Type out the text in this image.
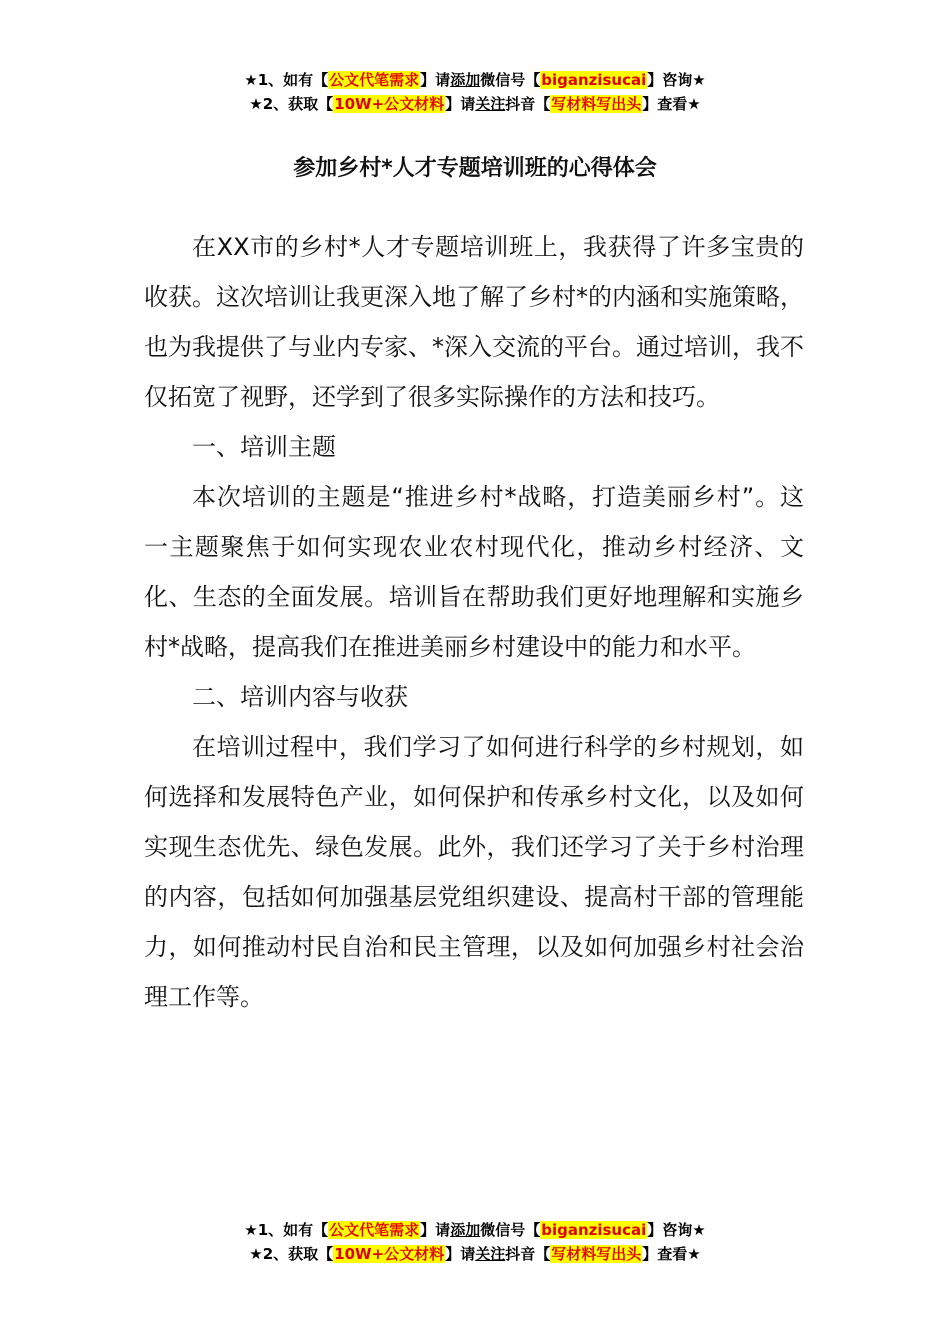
★1、如有【公文代笔需求】请添加微信号【biganzisucai】咨询★
★2、获取【10W+公文材料】请关注抖音【写材料写出头】查看★
参加乡村*人才专题培训班的心得体会

在XX市的乡村*人才专题培训班上，我获得了许多宝贵的收获。这次培训让我更深入地了解了乡村*的内涵和实施策略，也为我提供了与业内专家、*深入交流的平台。通过培训，我不仅拓宽了视野，还学到了很多实际操作的方法和技巧。

一、培训主题

本次培训的主题是“推进乡村*战略，打造美丽乡村”。这一主题聚焦于如何实现农业农村现代化，推动乡村经济、文化、生态的全面发展。培训旨在帮助我们更好地理解和实施乡村*战略，提高我们在推进美丽乡村建设中的能力和水平。

二、培训内容与收获

在培训过程中，我们学习了如何进行科学的乡村规划，如何选择和发展特色产业，如何保护和传承乡村文化，以及如何实现生态优先、绿色发展。此外，我们还学习了关于乡村治理的内容，包括如何加强基层党组织建设、提高村干部的管理能力，如何推动村民自治和民主管理，以及如何加强乡村社会治理工作等。

★1、如有【公文代笔需求】请添加微信号【biganzisucai】咨询★
★2、获取【10W+公文材料】请关注抖音【写材料写出头】查看★
